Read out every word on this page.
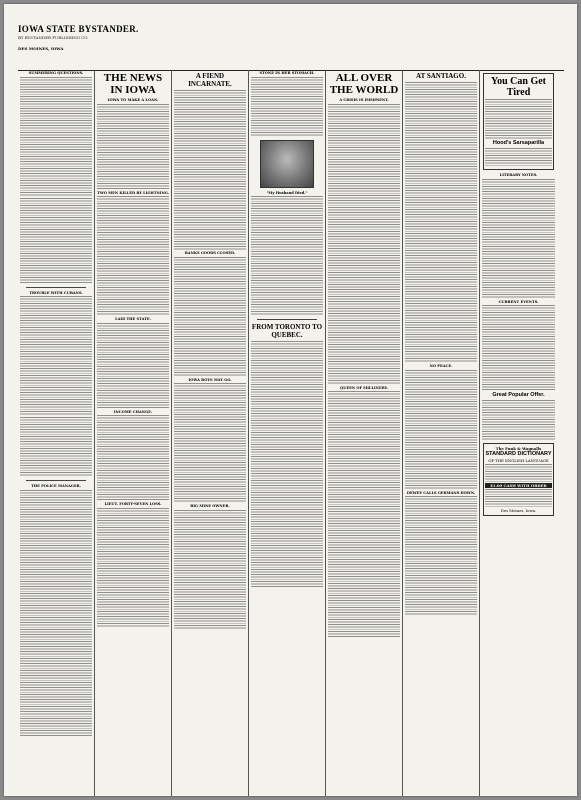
IOWA STATE BYSTANDER.
BY BYSTANDER PUBLISHING CO.
DES MOINES, IOWA
SUMMERING QUESTIONS.
TROUBLE WITH CUBANS.
THE POLICE MANAGER.
THE NEWS IN IOWA
IOWA TO MAKE A LOAN.
TWO MEN KILLED BY LIGHTNING.
LAID THE STATE.
INCOME CHANGE.
LIEUT. FORTY-SEVEN LOSS.
A FIEND INCARNATE.
BANKS GOODS CLOSED.
IOWA BOYS MAY GO.
BIG MINE OWNER.
STONE IN HER STOMACH.
"My Husband Died."
FROM TORONTO TO QUEBEC.
ALL OVER THE WORLD
A CRISIS IS IMMINENT.
QUEEN OF MILLINERY.
AT SANTIAGO.
NO PEACE.
DEWEY CALLS GERMANS DOWN.
You Can Get Tired
Hood's Sarsaparilla
LITERARY NOTES.
CURRENT EVENTS.
Great Popular Offer.
The Funk & Wagnalls
STANDARD DICTIONARY
OF THE ENGLISH LANGUAGE
$1.00 CASH WITH ORDER
Des Moines, Iowa.
